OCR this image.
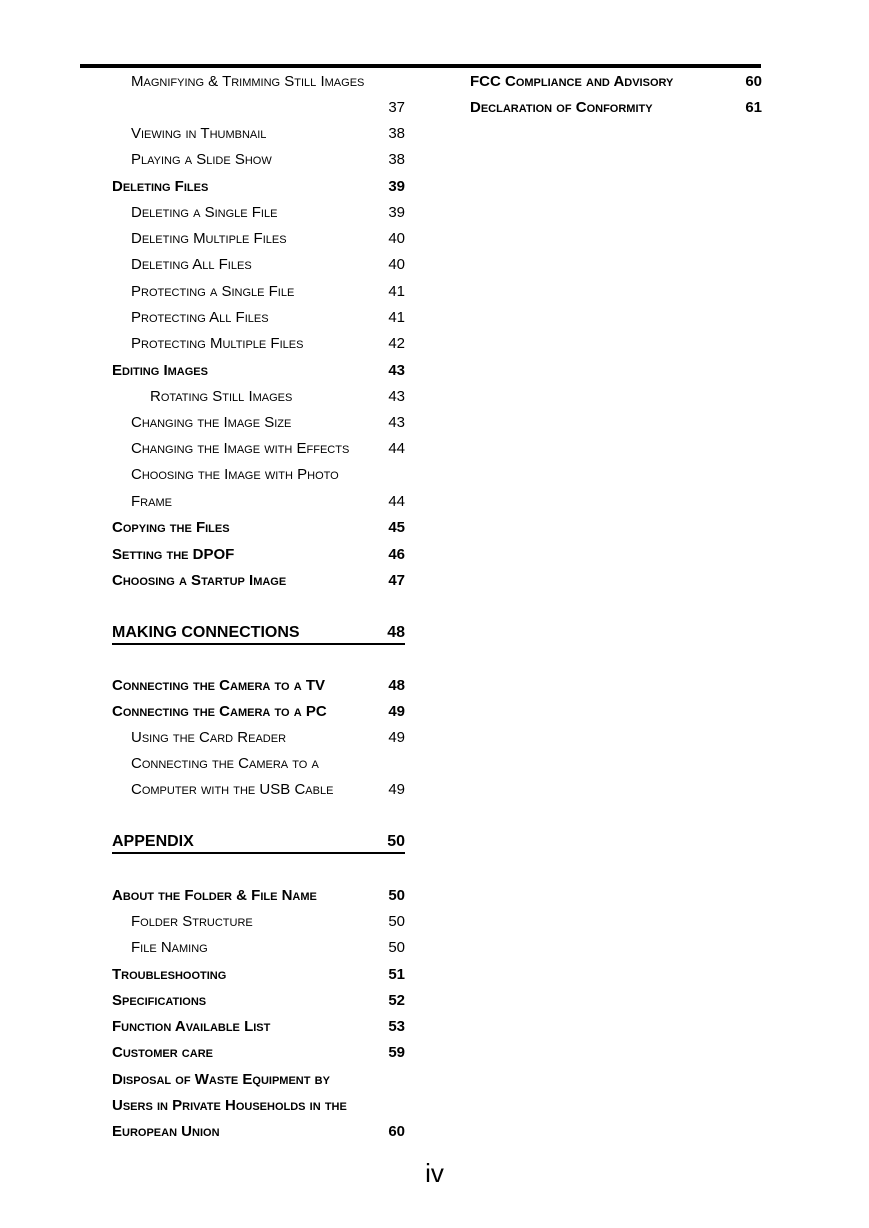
Magnifying & Trimming Still Images
37
Viewing in Thumbnail	38
Playing a Slide Show	38
Deleting Files	39
Deleting a Single File	39
Deleting Multiple Files	40
Deleting All Files	40
Protecting a Single File	41
Protecting All Files	41
Protecting Multiple Files	42
Editing Images	43
Rotating Still Images	43
Changing the Image Size	43
Changing the Image with Effects	44
Choosing the Image with Photo
Frame	44
Copying the Files	45
Setting the DPOF	46
Choosing a Startup Image	47
MAKING CONNECTIONS	48
Connecting the Camera to a TV	48
Connecting the Camera to a PC	49
Using the Card Reader	49
Connecting the Camera to a
Computer with the USB Cable	49
APPENDIX	50
About the Folder & File Name	50
Folder Structure	50
File Naming	50
Troubleshooting	51
Specifications	52
Function Available List	53
Customer care	59
Disposal of Waste Equipment by
Users in Private Households in the
European Union	60
FCC Compliance and Advisory	60
Declaration of Conformity	61
iv
